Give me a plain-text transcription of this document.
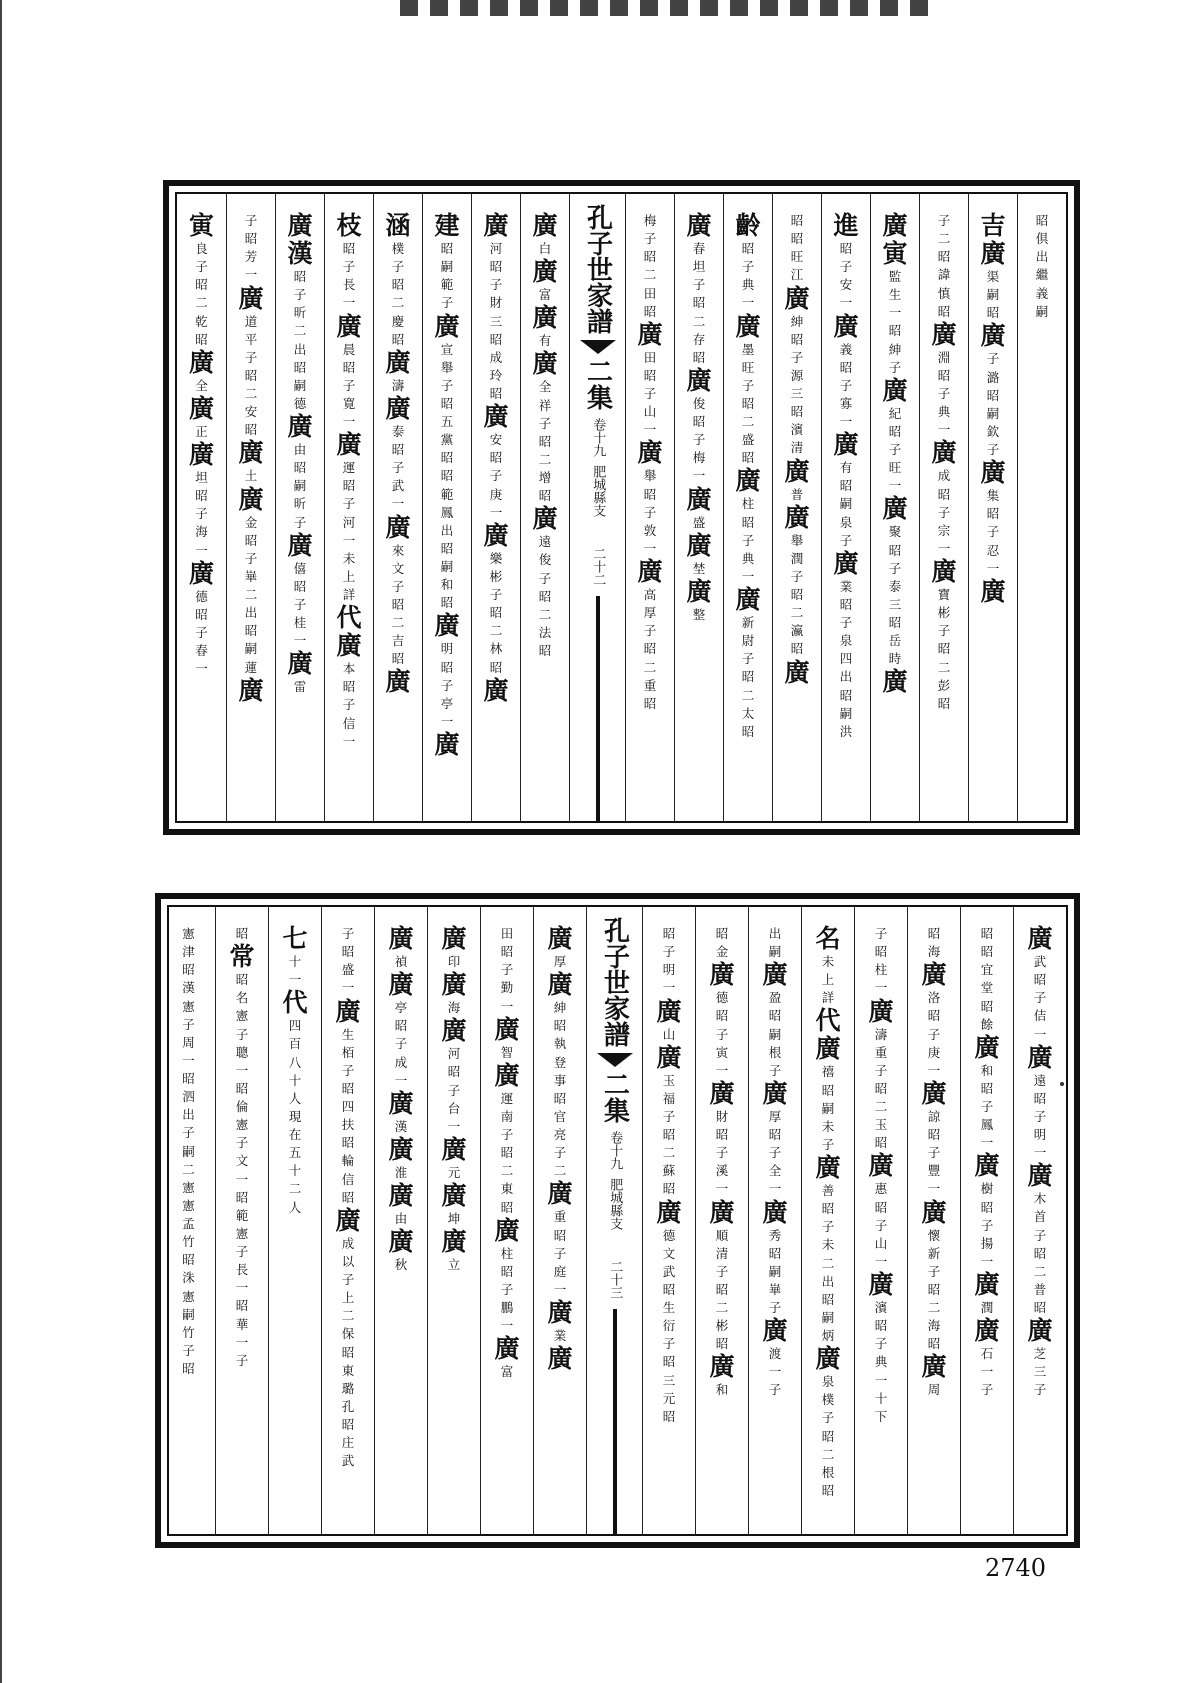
昭
倶
出
繼
義
嗣
吉
廣
渠
嗣
昭
廣
子
潞
昭
嗣
欽
子
廣
集
昭
子
忍
一
廣
子
二
昭
諱
慎
昭
廣
淵
昭
子
典
一
廣
成
昭
子
宗
一
廣
寶
彬
子
昭
二
彭
昭
廣
寅
監
生
一
昭
紳
子
廣
紀
昭
子
旺
一
廣
聚
昭
子
泰
三
昭
岳
時
廣
進
昭
子
安
一
廣
義
昭
子
寡
一
廣
有
昭
嗣
泉
子
廣
業
昭
子
泉
四
出
昭
嗣
洪
昭
昭
旺
江
廣
紳
昭
子
源
三
昭
濱
清
廣
普
廣
舉
潤
子
昭
二
瀛
昭
廣
齡
昭
子
典
一
廣
墨
旺
子
昭
二
盛
昭
廣
柱
昭
子
典
一
廣
新
尉
子
昭
二
太
昭
廣
春
坦
子
昭
二
存
昭
廣
俊
昭
子
梅
一
廣
盛
廣
埜
廣
整
梅
子
昭
二
田
昭
廣
田
昭
子
山
一
廣
舉
昭
子
敦
一
廣
高
厚
子
昭
二
重
昭
孔子世家譜
二集
卷十九
肥城縣支
二十二
廣
白
廣
富
廣
有
廣
全
祥
子
昭
二
增
昭
廣
遠
俊
子
昭
二
法
昭
廣
河
昭
子
財
三
昭
成
玲
昭
廣
安
昭
子
庚
一
廣
樂
彬
子
昭
二
林
昭
廣
建
昭
嗣
範
子
廣
宣
舉
子
昭
五
黨
昭
昭
範
鳳
出
昭
嗣
和
昭
廣
明
昭
子
亭
一
廣
涵
樸
子
昭
二
慶
昭
廣
濤
廣
泰
昭
子
武
一
廣
來
文
子
昭
二
吉
昭
廣
枝
昭
子
長
一
廣
晨
昭
子
寛
一
廣
運
昭
子
河
一
未
上
詳
代
廣
本
昭
子
信
一
廣
漢
昭
子
昕
二
出
昭
嗣
德
廣
由
昭
嗣
昕
子
廣
僖
昭
子
桂
一
廣
雷
子
昭
芳
一
廣
道
平
子
昭
二
安
昭
廣
土
廣
金
昭
子
崋
二
出
昭
嗣
蓮
廣
寅
良
子
昭
二
乾
昭
廣
全
廣
正
廣
坦
昭
子
海
一
廣
德
昭
子
春
一
廣
武
昭
子
佶
一
廣
遠
昭
子
明
一
廣
木
首
子
昭
二
普
昭
廣
芝
三
子
昭
昭
宜
堂
昭
餘
廣
和
昭
子
鳳
一
廣
樹
昭
子
揚
一
廣
潤
廣
石
一
子
昭
海
廣
洛
昭
子
庚
一
廣
諒
昭
子
豐
一
廣
懷
新
子
昭
二
海
昭
廣
周
子
昭
柱
一
廣
濤
重
子
昭
二
玉
昭
廣
惠
昭
子
山
一
廣
濱
昭
子
典
一
十
下
名
未
上
詳
代
廣
禧
昭
嗣
未
子
廣
善
昭
子
未
二
出
昭
嗣
炳
廣
泉
樸
子
昭
二
根
昭
出
嗣
廣
盈
昭
嗣
根
子
廣
厚
昭
子
全
一
廣
秀
昭
嗣
崋
子
廣
渡
一
子
昭
金
廣
德
昭
子
寅
一
廣
財
昭
子
溪
一
廣
順
清
子
昭
二
彬
昭
廣
和
昭
子
明
一
廣
山
廣
玉
福
子
昭
二
蘇
昭
廣
德
文
武
昭
生
衍
子
昭
三
元
昭
孔子世家譜
二集
卷十九
肥城縣支
二十三
廣
厚
廣
紳
昭
執
登
事
昭
官
亮
子
二
廣
重
昭
子
庭
一
廣
業
廣
田
昭
子
勤
一
廣
智
廣
運
南
子
昭
二
東
昭
廣
柱
昭
子
鵬
一
廣
富
廣
印
廣
海
廣
河
昭
子
台
一
廣
元
廣
坤
廣
立
廣
禎
廣
亭
昭
子
成
一
廣
漢
廣
淮
廣
由
廣
秋
子
昭
盛
一
廣
生
栢
子
昭
四
扶
昭
輪
信
昭
廣
成
以
子
上
二
保
昭
東
璐
孔
昭
庄
武
七
十
一
代
四
百
八
十
人
現
在
五
十
二
人
昭
常
昭
名
憲
子
聰
一
昭
倫
憲
子
文
一
昭
範
憲
子
長
一
昭
華
一
子
憲
津
昭
漢
憲
子
周
一
昭
泗
出
子
嗣
二
憲
憲
孟
竹
昭
洙
憲
嗣
竹
子
昭
2740
